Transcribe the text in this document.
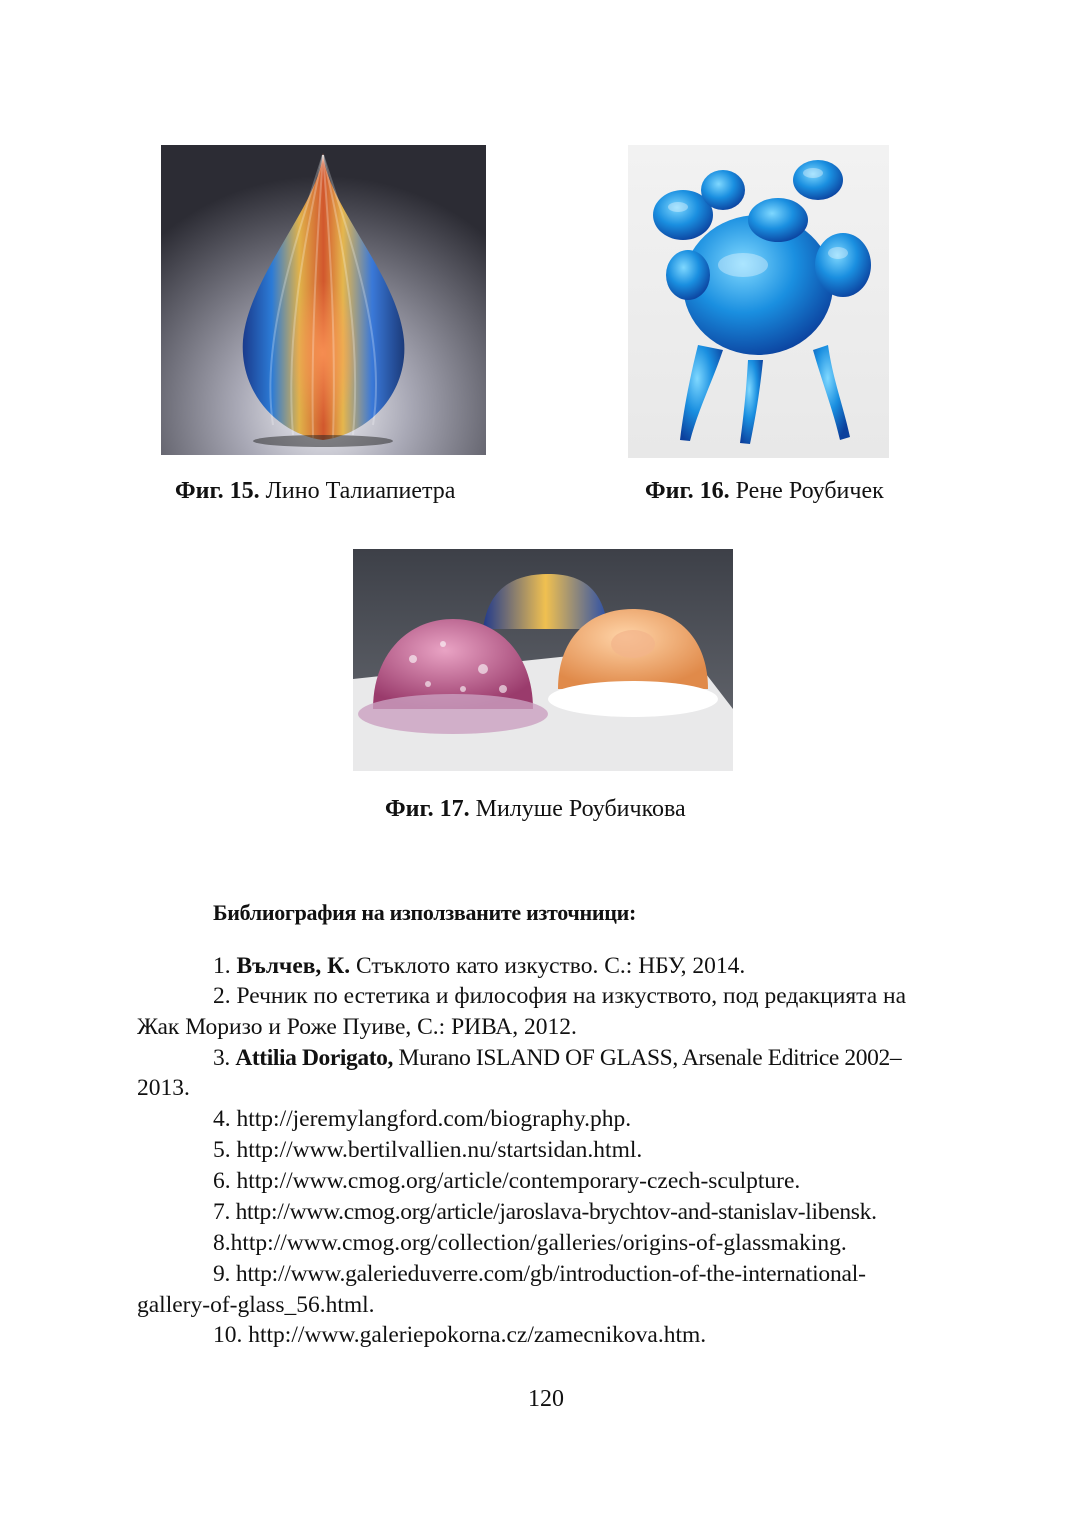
Фиг. 15. Лино Талиапиетра	Фиг. 16. Рене Роубичек
Фиг. 17. Милуше Роубичкова
Библиография на използваните източници:
1. Вълчев, К. Стъклото като изкуство. С.: НБУ, 2014.
2. Речник по естетика и философия на изкуството, под редакцията на
Жак Моризо и Роже Пуиве, С.: РИВА, 2012.
3. Attilia Dorigato, Murano ISLAND OF GLASS, Arsenale Editrice 2002–
2013.
4. http://jeremylangford.com/biography.php.
5. http://www.bertilvallien.nu/startsidan.html.
6. http://www.cmog.org/article/contemporary-czech-sculpture.
7. http://www.cmog.org/article/jaroslava-brychtov-and-stanislav-libensk.
8.http://www.cmog.org/collection/galleries/origins-of-glassmaking.
9. http://www.galerieduverre.com/gb/introduction-of-the-international-
gallery-of-glass_56.html.
10. http://www.galeriepokorna.cz/zamecnikova.htm.
120
